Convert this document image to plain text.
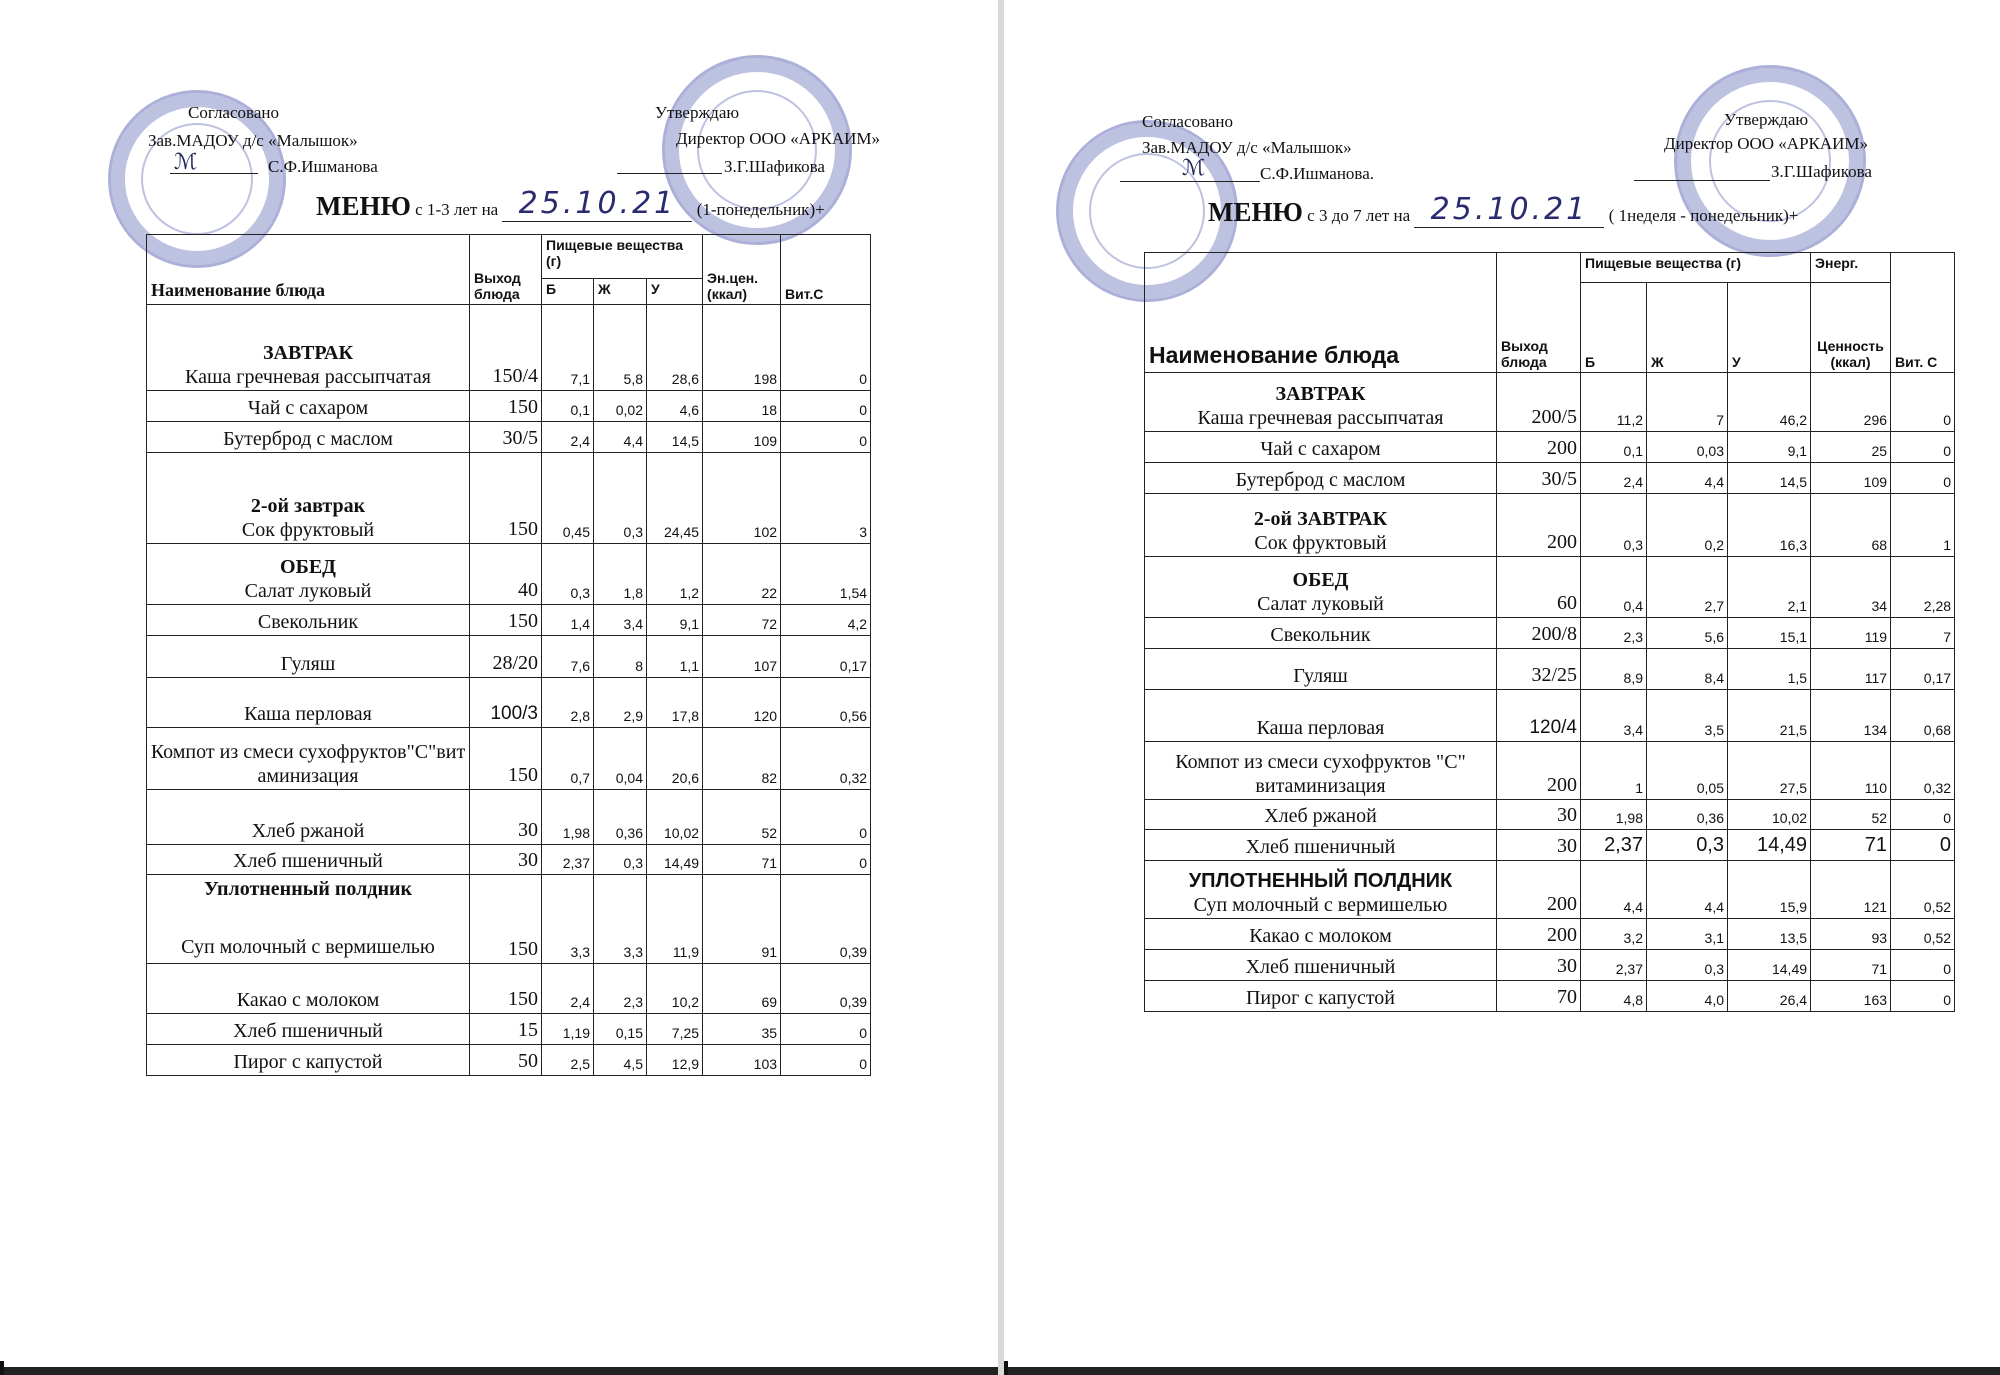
Согласовано
Зав.МАДОУ д/с «Малышок»
ℳ	С.Ф.Ишманова
Утверждаю
Директор ООО «АРКАИМ»
З.Г.Шафикова
МЕНЮ с 1-3 лет на 25.10.21 (1-понедельник)+
Наименование блюда	Выход блюда	Пищевые вещества (г)			Эн.цен. (ккал)	Вит.С
		Б	Ж	У		

ЗАВТРАК
Каша гречневая рассыпчатая	150/4	7,1	5,8	28,6	198	0
Чай с сахаром	150	0,1	0,02	4,6	18	0
Бутерброд с маслом	30/5	2,4	4,4	14,5	109	0

2-ой завтрак
Сок фруктовый	150	0,45	0,3	24,45	102	3

ОБЕД
Салат луковый	40	0,3	1,8	1,2	22	1,54
Свекольник	150	1,4	3,4	9,1	72	4,2
Гуляш	28/20	7,6	8	1,1	107	0,17
Каша перловая	100/3	2,8	2,9	17,8	120	0,56
Компот из смеси сухофруктов"С"витаминизация	150	0,7	0,04	20,6	82	0,32
Хлеб ржаной	30	1,98	0,36	10,02	52	0
Хлеб пшеничный	30	2,37	0,3	14,49	71	0

Уплотненный полдник
Суп молочный с вермишелью	150	3,3	3,3	11,9	91	0,39
Какао с молоком	150	2,4	2,3	10,2	69	0,39
Хлеб пшеничный	15	1,19	0,15	7,25	35	0
Пирог с капустой	50	2,5	4,5	12,9	103	0
Согласовано
Зав.МАДОУ д/с «Малышок»
ℳ	С.Ф.Ишманова.
Утверждаю
Директор ООО «АРКАИМ»
З.Г.Шафикова
МЕНЮ с 3 до 7 лет на 25.10.21 ( 1неделя - понедельник)+
Наименование блюда	Выход блюда	Пищевые вещества (г)			Энерг.	Вит. С
		Б	Ж	У	Ценность (ккал)	

ЗАВТРАК
Каша гречневая рассыпчатая	200/5	11,2	7	46,2	296	0
Чай с сахаром	200	0,1	0,03	9,1	25	0
Бутерброд с маслом	30/5	2,4	4,4	14,5	109	0

2-ой ЗАВТРАК
Сок фруктовый	200	0,3	0,2	16,3	68	1

ОБЕД
Салат луковый	60	0,4	2,7	2,1	34	2,28
Свекольник	200/8	2,3	5,6	15,1	119	7
Гуляш	32/25	8,9	8,4	1,5	117	0,17
Каша перловая	120/4	3,4	3,5	21,5	134	0,68
Компот из смеси сухофруктов "С" витаминизация	200	1	0,05	27,5	110	0,32
Хлеб ржаной	30	1,98	0,36	10,02	52	0
Хлеб пшеничный	30	2,37	0,3	14,49	71	0

УПЛОТНЕННЫЙ ПОЛДНИК
Суп молочный с вермишелью	200	4,4	4,4	15,9	121	0,52
Какао с молоком	200	3,2	3,1	13,5	93	0,52
Хлеб пшеничный	30	2,37	0,3	14,49	71	0
Пирог с капустой	70	4,8	4,0	26,4	163	0
